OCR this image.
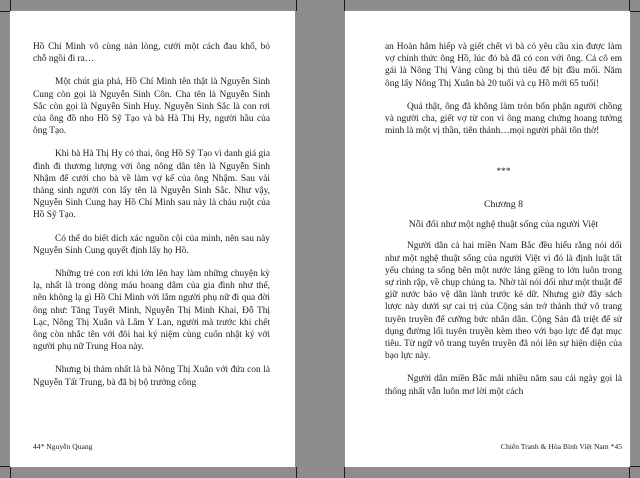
Hồ Chí Minh vô cùng nàn lòng, cưới một cách đau khổ, bỏ chỗ ngồi đi ra…

Một chút gia phả, Hồ Chí Minh tên thật là Nguyễn Sinh Cung còn gọi là Nguyễn Sinh Côn. Cha tên là Nguyễn Sinh Sắc còn gọi là Nguyễn Sinh Huy. Nguyễn Sinh Sắc là con rơi của ông đồ nho Hồ Sỹ Tạo và bà Hà Thị Hy, người hầu của ông Tạo.

Khi bà Hà Thị Hy có thai, ông Hồ Sỹ Tạo vì danh giá gia đình đi thương lượng với ông nông dân tên là Nguyễn Sinh Nhậm để cưới cho bà về làm vợ kế của ông Nhậm. Sau vài tháng sinh người con lấy tên là Nguyễn Sinh Sắc. Như vậy, Nguyễn Sinh Cung hay Hồ Chí Minh sau này là cháu ruột của Hồ Sỹ Tạo.

Có thể do biết dích xác nguồn cội của mình, nên sau này Nguyễn Sinh Cung quyết định lấy họ Hồ.

Những trẻ con rơi khi lớn lên hay làm những chuyện kỳ lạ, nhất là trong dòng máu hoang dâm của gia đình như thế, nên không lạ gì Hồ Chí Minh với lắm người phụ nữ đi qua đời ông như: Tăng Tuyết Minh, Nguyễn Thị Minh Khai, Đỗ Thị Lạc, Nông Thị Xuân và Lâm Y Lan, người mà trước khi chết ông còn nhắc tên với đôi hai ký niệm cùng cuốn nhật ký với người phụ nữ Trung Hoa này.

Nhưng bị thảm nhất là bà Nông Thị Xuân với đứa con là Nguyễn Tất Trung, bà đã bị bộ trưởng công

44* Nguyễn Quang

an Hoàn hãm hiếp và giết chết vì bà có yêu cầu xin được làm vợ chính thức ông Hồ, lúc đó bà đã có con với ông. Cả cô em gái là Nông Thị Vàng cũng bị thủ tiêu để bịt đầu mối. Năm ông lấy Nông Thị Xuân bà 20 tuổi và cụ Hồ mới 65 tuổi!

Quả thật, ông đã không làm tròn bổn phận người chồng và người cha, giết vợ từ con vì ông mang chứng hoang tưởng mình là một vị thần, tiên thánh…mọi người phải tôn thờ!

***
Chương 8
Nỗi đối như một nghệ thuật sống của người Việt

Người dân cả hai miền Nam Bắc đều hiểu rằng nói dối như một nghệ thuật sống của người Việt vì đó là định luật tất yếu chúng ta sống bên một nước láng giềng to lớn luôn trong sự rình rập, về chụp chúng ta. Nhờ tài nói dối như một thuật để giữ nước bảo vệ dân lành trước kẻ dữ. Nhưng giờ đây sách lược này dưới sự cai trị của Cộng sản trở thành thứ vô trang tuyên truyền để cưỡng bức nhân dân. Cộng Sản đã triệt để sử dụng đường lối tuyên truyền kèm theo với bạo lực để đạt mục tiêu. Từ ngữ vô trang tuyên truyền đã nói lên sự hiện diện của bạo lực này.

Người dân miền Bắc mãi nhiều năm sau cái ngày gọi là thống nhất vẫn luôn mơ lời một cách

Chiến Tranh & Hòa Bình Việt Nam *45
